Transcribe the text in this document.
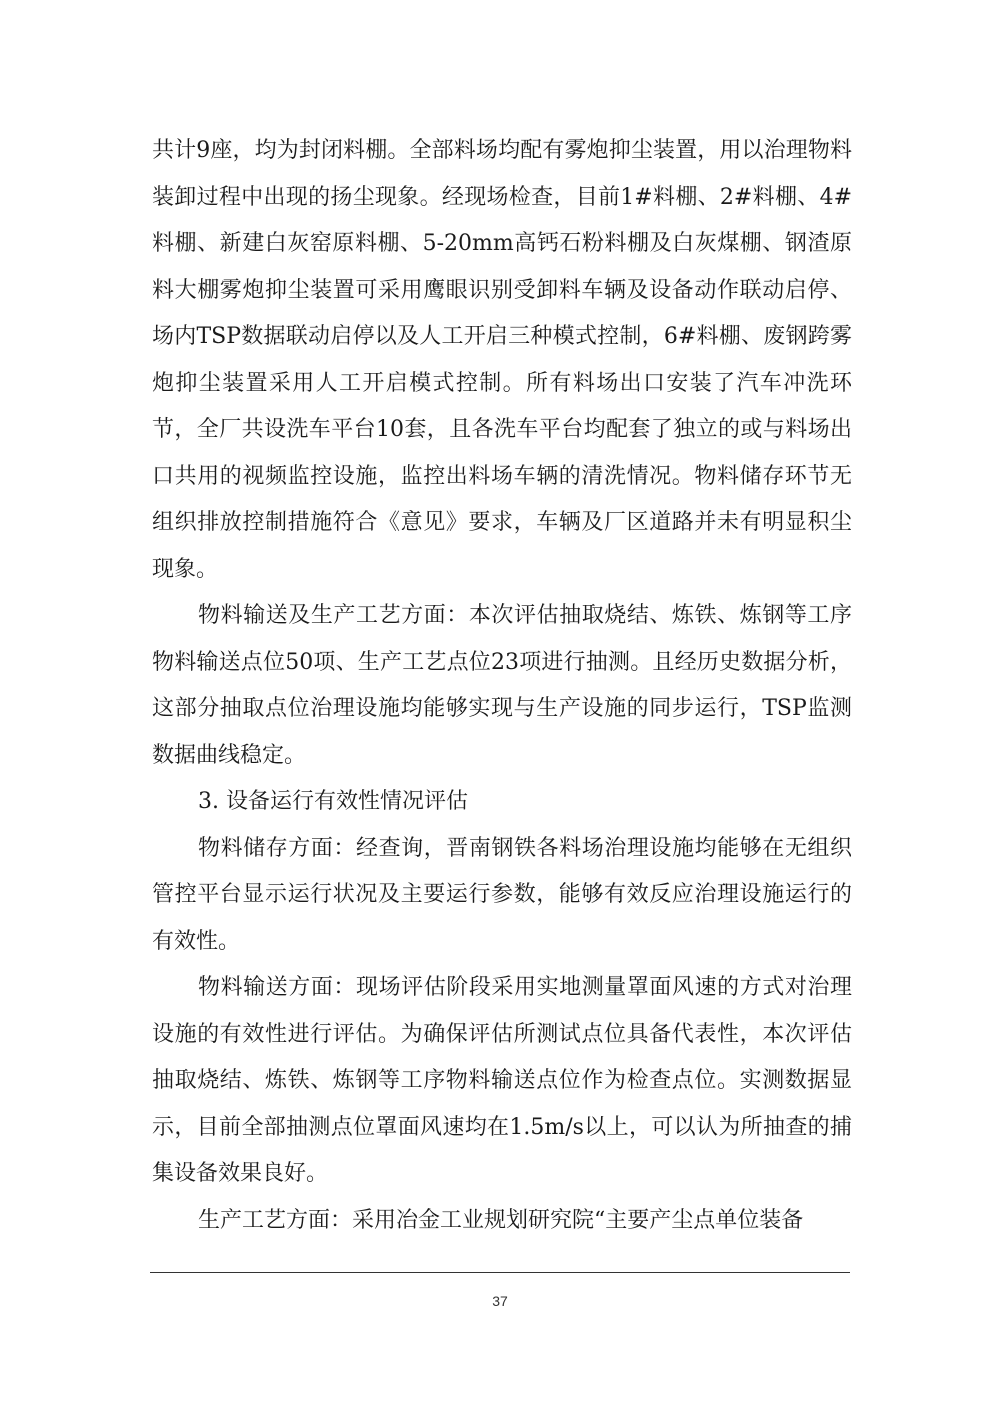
共计9座，均为封闭料棚。全部料场均配有雾炮抑尘装置，用以治理物料装卸过程中出现的扬尘现象。经现场检查，目前1#料棚、2#料棚、4#料棚、新建白灰窑原料棚、5-20mm高钙石粉料棚及白灰煤棚、钢渣原料大棚雾炮抑尘装置可采用鹰眼识别受卸料车辆及设备动作联动启停、场内TSP数据联动启停以及人工开启三种模式控制，6#料棚、废钢跨雾炮抑尘装置采用人工开启模式控制。所有料场出口安装了汽车冲洗环节，全厂共设洗车平台10套，且各洗车平台均配套了独立的或与料场出口共用的视频监控设施，监控出料场车辆的清洗情况。物料储存环节无组织排放控制措施符合《意见》要求，车辆及厂区道路并未有明显积尘现象。

物料输送及生产工艺方面：本次评估抽取烧结、炼铁、炼钢等工序物料输送点位50项、生产工艺点位23项进行抽测。且经历史数据分析，这部分抽取点位治理设施均能够实现与生产设施的同步运行，TSP监测数据曲线稳定。

3. 设备运行有效性情况评估

物料储存方面：经查询，晋南钢铁各料场治理设施均能够在无组织管控平台显示运行状况及主要运行参数，能够有效反应治理设施运行的有效性。

物料输送方面：现场评估阶段采用实地测量罩面风速的方式对治理设施的有效性进行评估。为确保评估所测试点位具备代表性，本次评估抽取烧结、炼铁、炼钢等工序物料输送点位作为检查点位。实测数据显示，目前全部抽测点位罩面风速均在1.5m/s以上，可以认为所抽查的捕集设备效果良好。

生产工艺方面：采用冶金工业规划研究院“主要产尘点单位装备

37
